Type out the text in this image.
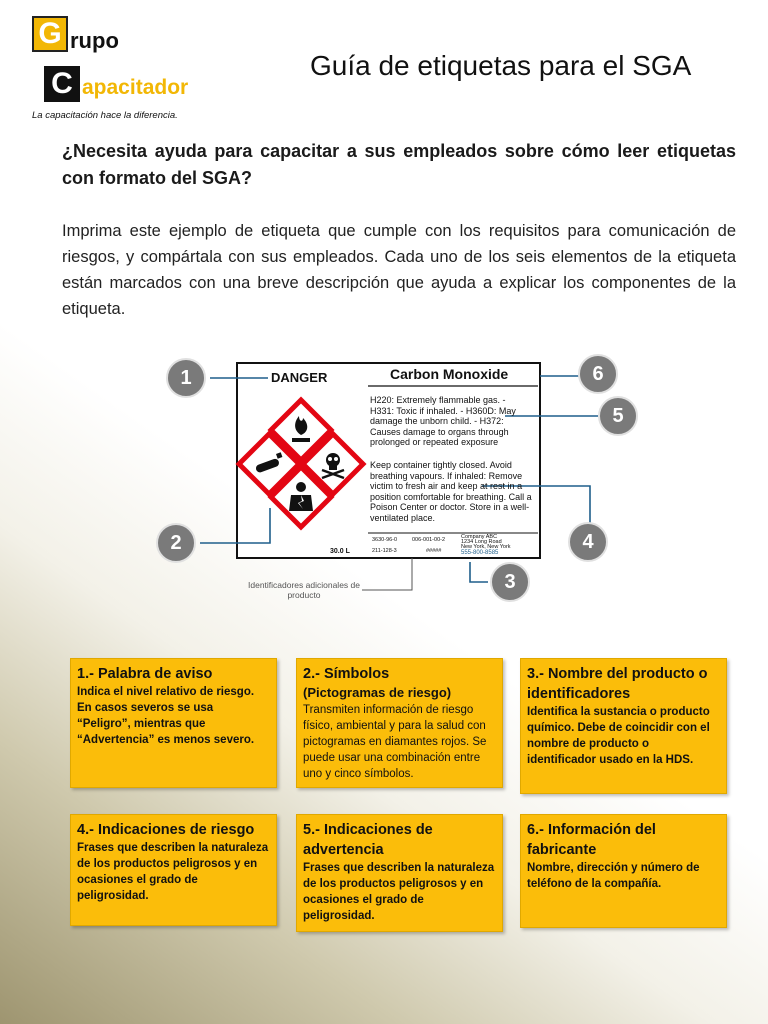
G rupo
C apacitador
La capacitación hace la diferencia.
Guía de etiquetas para el SGA
¿Necesita ayuda para capacitar a sus empleados sobre cómo leer etiquetas con formato del SGA?
Imprima este ejemplo de etiqueta que cumple con los requisitos para comunicación de riesgos, y compártala con sus empleados. Cada uno de los seis elementos de la etiqueta están marcados con una breve descripción que ayuda a explicar los componentes de la etiqueta.
DANGER	Carbon Monoxide
H220: Extremely flammable gas. - H331: Toxic if inhaled. - H360D: May damage the unborn child. - H372: Causes damage to organs through prolonged or repeated exposure
Keep container tightly closed. Avoid breathing vapours. If inhaled: Remove victim to fresh air and keep at rest in a position comfortable for breathing. Call a Poison Center or doctor. Store in a well-ventilated place.
30.0 L
3630-96-0	006-001-00-2
211-128-3	#####
Company ABC
1234 Long Road
New York, New York
555-800-8585
Identificadores adicionales de producto
1
2
3
4
5
6
1.- Palabra de aviso
Indica el nivel relativo de riesgo. En casos severos se usa “Peligro”, mientras que “Advertencia” es menos severo.
2.- Símbolos
(Pictogramas de riesgo)
Transmiten información de riesgo físico, ambiental y para la salud con pictogramas en diamantes rojos. Se puede usar una combinación entre uno y cinco símbolos.
3.- Nombre del producto o identificadores
Identifica la sustancia o producto químico. Debe de coincidir con el nombre de producto o identificador usado en la HDS.
4.- Indicaciones de riesgo
Frases que describen la naturaleza de los productos peligrosos y en ocasiones el grado de peligrosidad.
5.- Indicaciones de advertencia
Frases que describen la naturaleza de los productos peligrosos y en ocasiones el grado de peligrosidad.
6.- Información del fabricante
Nombre, dirección y número de teléfono de la compañía.
